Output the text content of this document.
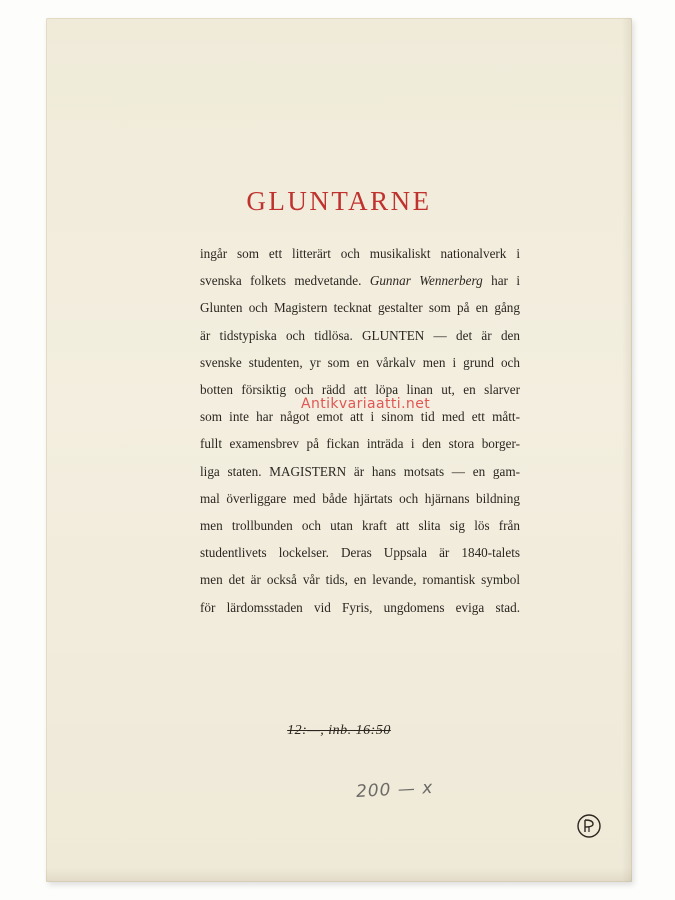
GLUNTARNE
ingår som ett litterärt och musikaliskt nationalverk i
svenska folkets medvetande. Gunnar Wennerberg har i
Glunten och Magistern tecknat gestalter som på en gång
är tidstypiska och tidlösa. GLUNTEN — det är den
svenske studenten, yr som en vårkalv men i grund och
botten försiktig och rädd att löpa linan ut, en slarver
som inte har något emot att i sinom tid med ett mått-
fullt examensbrev på fickan inträda i den stora borger-
liga staten. MAGISTERN är hans motsats — en gam-
mal överliggare med både hjärtats och hjärnans bildning
men trollbunden och utan kraft att slita sig lös från
studentlivets lockelser. Deras Uppsala är 1840-talets
men det är också vår tids, en levande, romantisk symbol
för lärdomsstaden vid Fyris, ungdomens eviga stad.
Antikvariaatti.net
12:—, inb. 16:50
200 — x
